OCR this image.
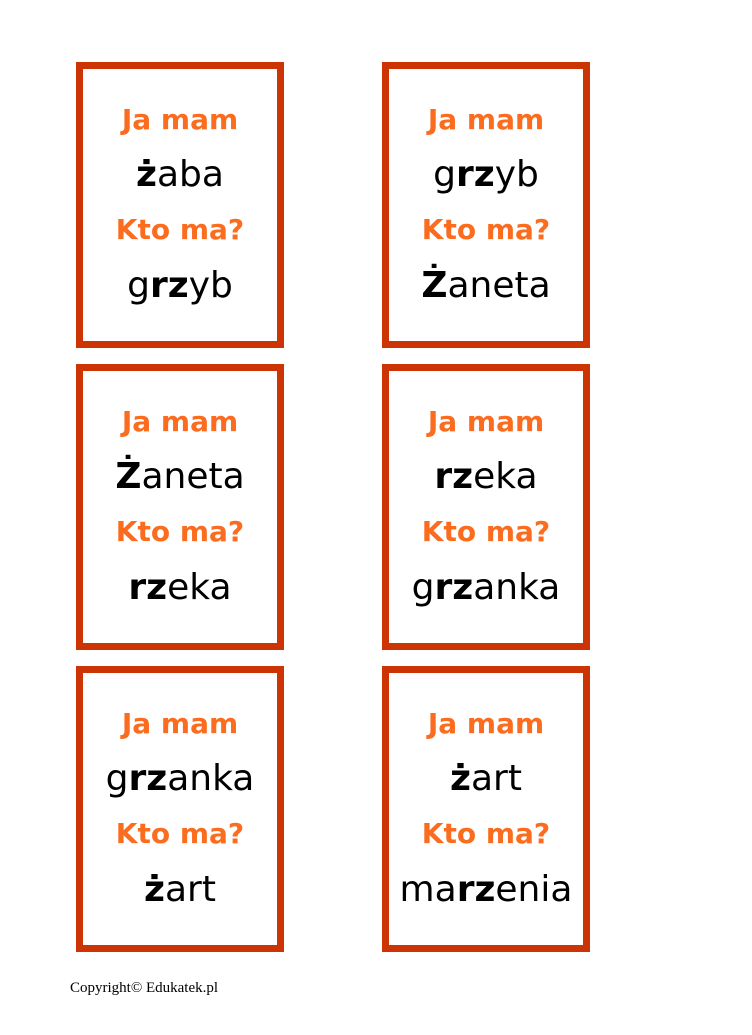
Ja mam
żaba
Kto ma?
grzyb
Ja mam
grzyb
Kto ma?
Żaneta
Ja mam
Żaneta
Kto ma?
rzeka
Ja mam
rzeka
Kto ma?
grzanka
Ja mam
grzanka
Kto ma?
żart
Ja mam
żart
Kto ma?
marzenia
Copyright© Edukatek.pl
